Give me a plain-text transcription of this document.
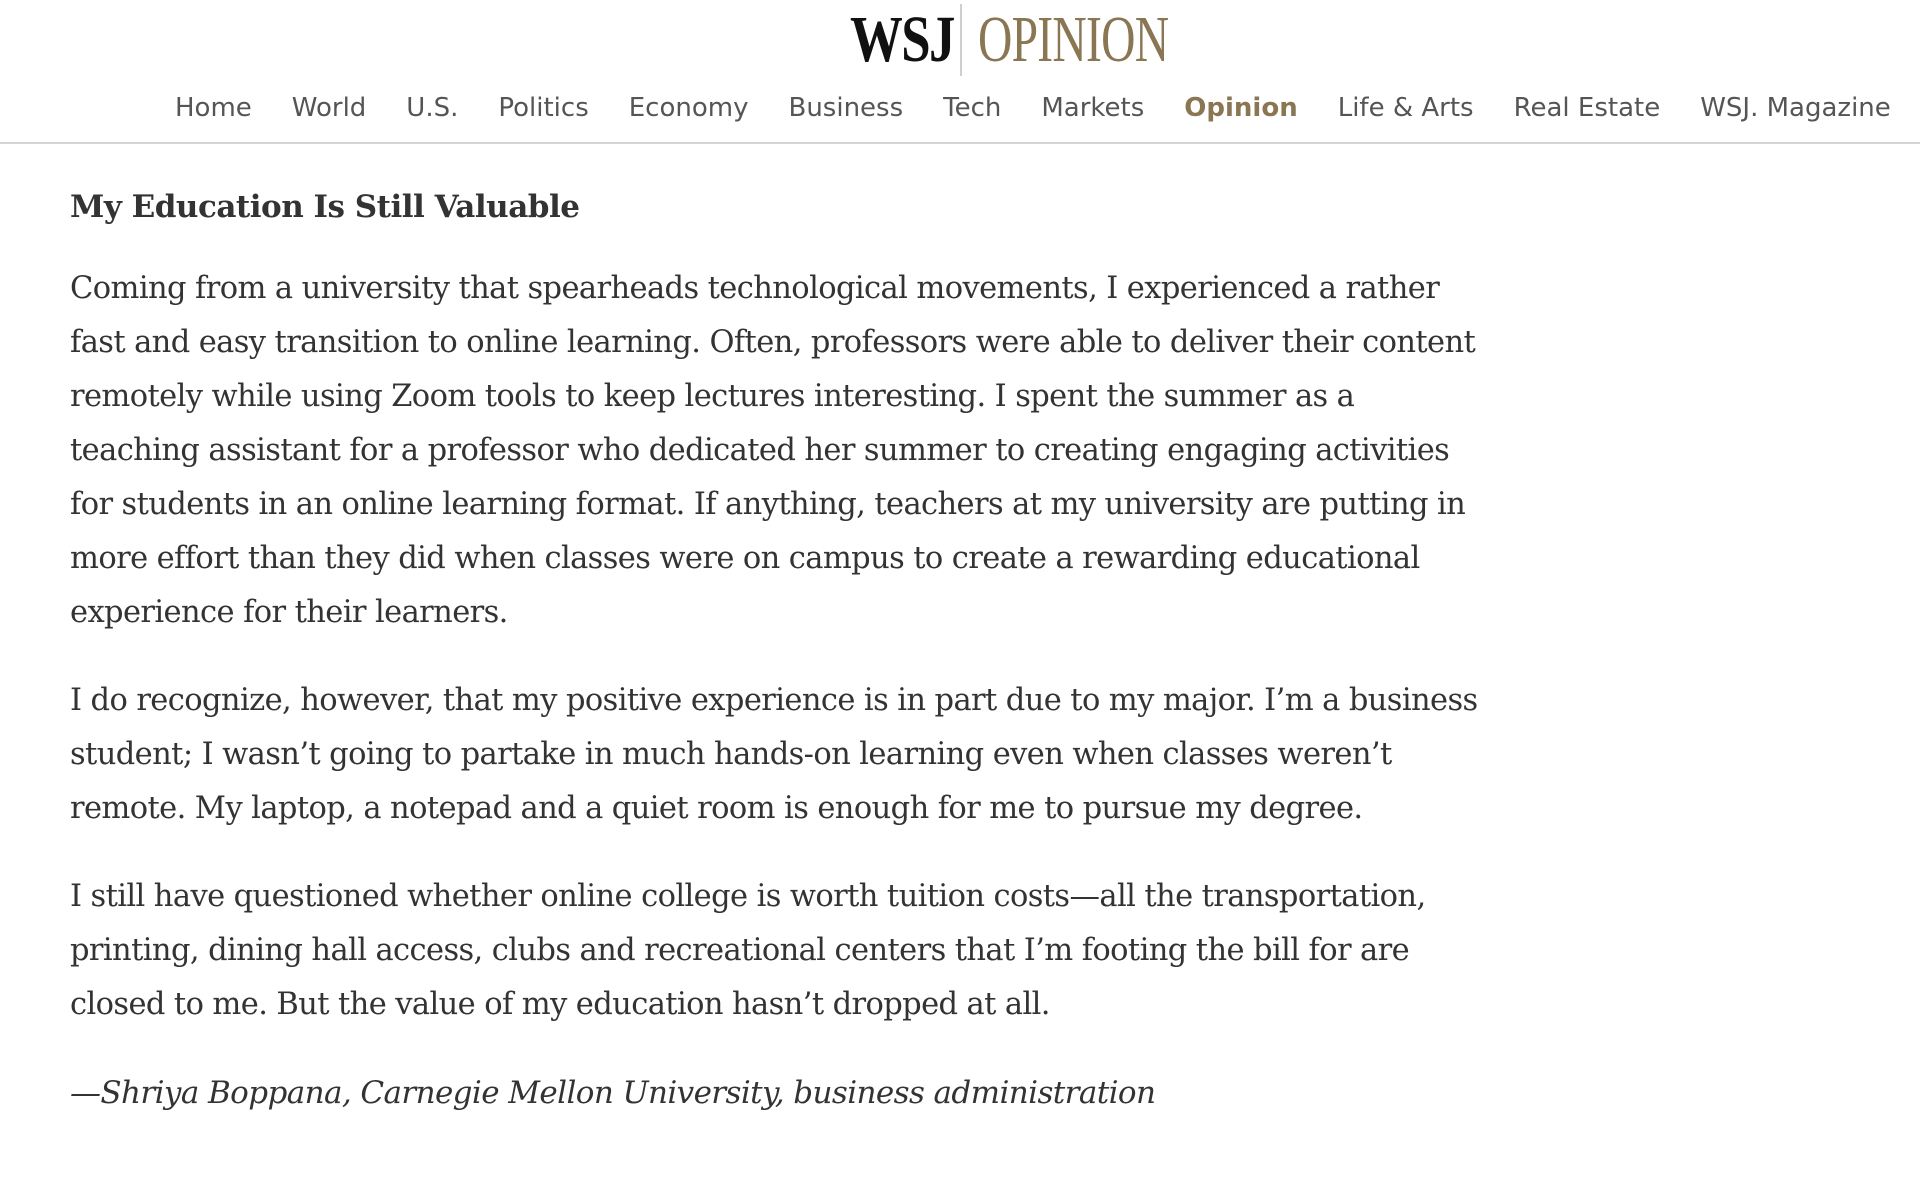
WSJ OPINION
Home World U.S. Politics Economy Business Tech Markets Opinion Life & Arts Real Estate WSJ. Magazine
My Education Is Still Valuable

Coming from a university that spearheads technological movements, I experienced a rather fast and easy transition to online learning. Often, professors were able to deliver their content remotely while using Zoom tools to keep lectures interesting. I spent the summer as a teaching assistant for a professor who dedicated her summer to creating engaging activities for students in an online learning format. If anything, teachers at my university are putting in more effort than they did when classes were on campus to create a rewarding educational experience for their learners.

I do recognize, however, that my positive experience is in part due to my major. I’m a business student; I wasn’t going to partake in much hands-on learning even when classes weren’t remote. My laptop, a notepad and a quiet room is enough for me to pursue my degree.

I still have questioned whether online college is worth tuition costs—all the transportation, printing, dining hall access, clubs and recreational centers that I’m footing the bill for are closed to me. But the value of my education hasn’t dropped at all.

—Shriya Boppana, Carnegie Mellon University, business administration
